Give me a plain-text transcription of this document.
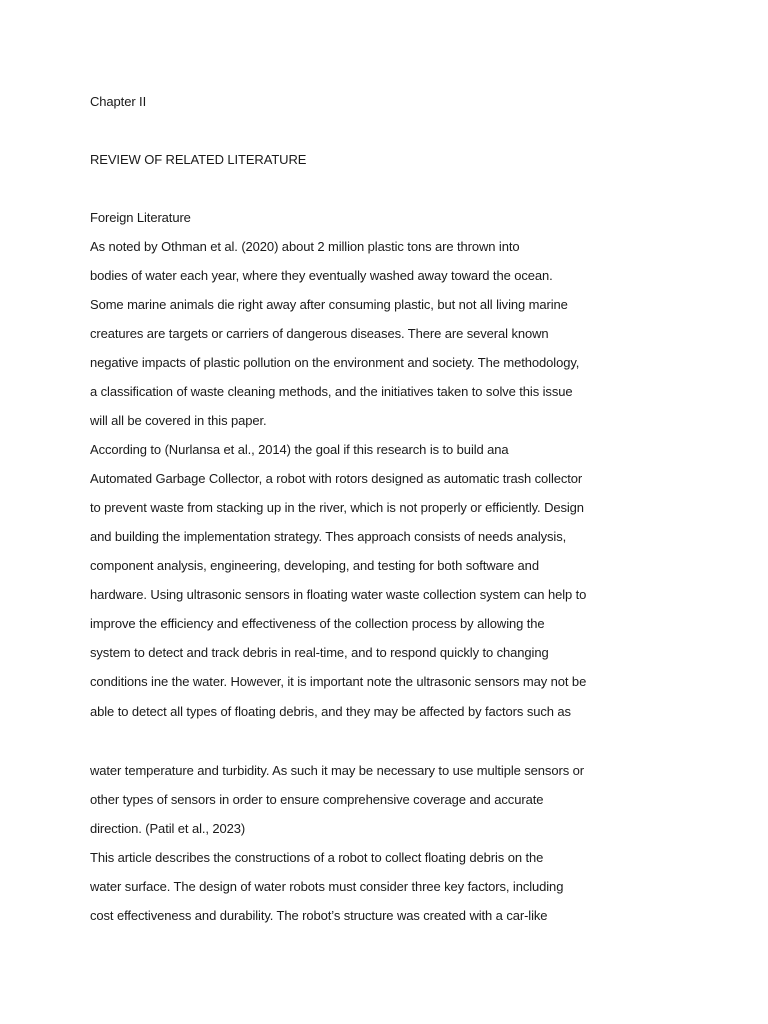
Chapter II
REVIEW OF RELATED LITERATURE
Foreign Literature
As noted by Othman et al. (2020) about 2 million plastic tons are thrown into
bodies of water each year, where they eventually washed away toward the ocean.
Some marine animals die right away after consuming plastic, but not all living marine
creatures are targets or carriers of dangerous diseases. There are several known
negative impacts of plastic pollution on the environment and society. The methodology,
a classification of waste cleaning methods, and the initiatives taken to solve this issue
will all be covered in this paper.
According to (Nurlansa et al., 2014) the goal if this research is to build ana
Automated Garbage Collector, a robot with rotors designed as automatic trash collector
to prevent waste from stacking up in the river, which is not properly or efficiently. Design
and building the implementation strategy. Thes approach consists of needs analysis,
component analysis, engineering, developing, and testing for both software and
hardware. Using ultrasonic sensors in floating water waste collection system can help to
improve the efficiency and effectiveness of the collection process by allowing the
system to detect and track debris in real-time, and to respond quickly to changing
conditions ine the water. However, it is important note the ultrasonic sensors may not be
able to detect all types of floating debris, and they may be affected by factors such as
water temperature and turbidity. As such it may be necessary to use multiple sensors or
other types of sensors in order to ensure comprehensive coverage and accurate
direction. (Patil et al., 2023)
This article describes the constructions of a robot to collect floating debris on the
water surface. The design of water robots must consider three key factors, including
cost effectiveness and durability. The robot’s structure was created with a car-like
